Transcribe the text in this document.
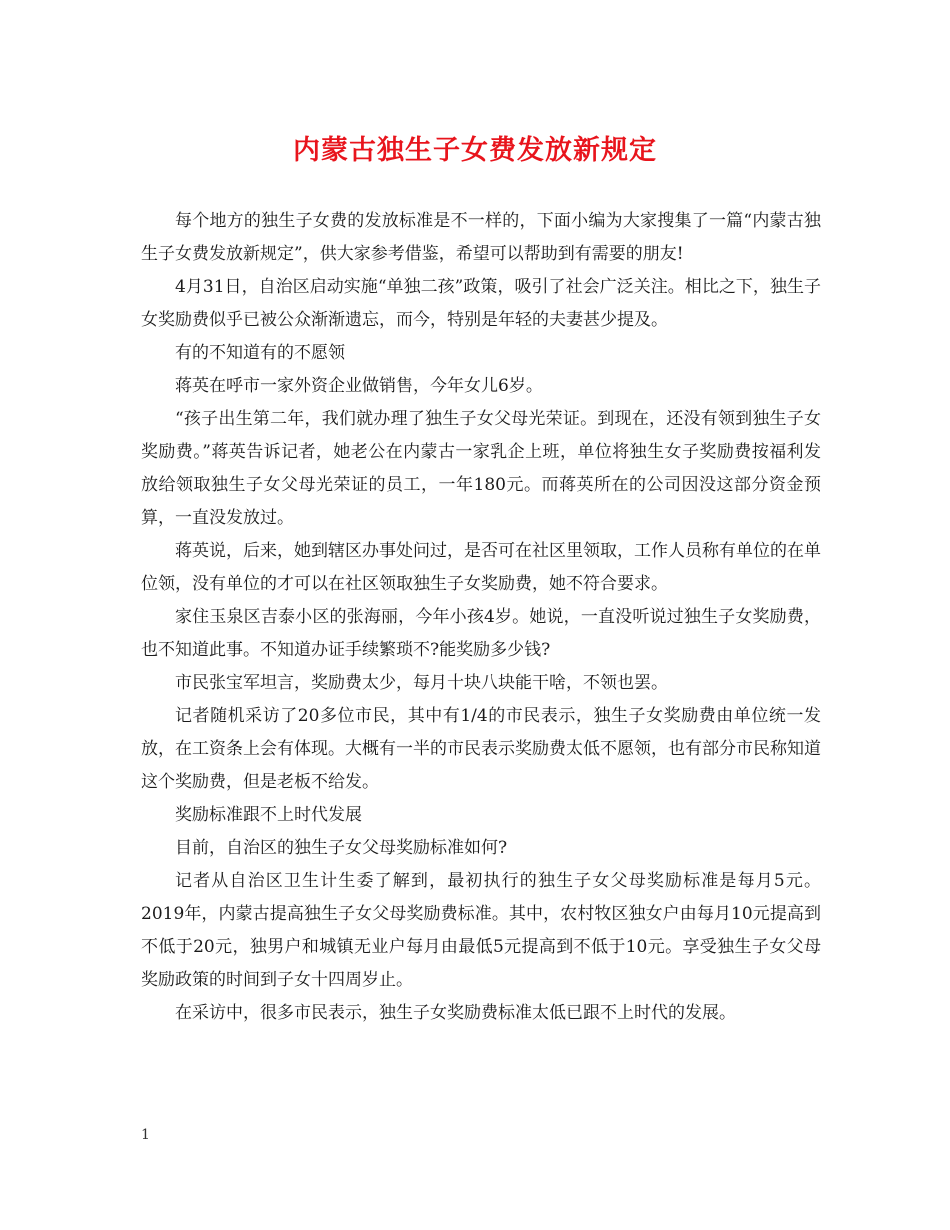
内蒙古独生子女费发放新规定

每个地方的独生子女费的发放标准是不一样的，下面小编为大家搜集了一篇“内蒙古独生子女费发放新规定”，供大家参考借鉴，希望可以帮助到有需要的朋友!

4月31日，自治区启动实施“单独二孩”政策，吸引了社会广泛关注。相比之下，独生子女奖励费似乎已被公众渐渐遗忘，而今，特别是年轻的夫妻甚少提及。

有的不知道有的不愿领

蒋英在呼市一家外资企业做销售，今年女儿6岁。

“孩子出生第二年，我们就办理了独生子女父母光荣证。到现在，还没有领到独生子女奖励费。”蒋英告诉记者，她老公在内蒙古一家乳企上班，单位将独生女子奖励费按福利发放给领取独生子女父母光荣证的员工，一年180元。而蒋英所在的公司因没这部分资金预算，一直没发放过。

蒋英说，后来，她到辖区办事处问过，是否可在社区里领取，工作人员称有单位的在单位领，没有单位的才可以在社区领取独生子女奖励费，她不符合要求。

家住玉泉区吉泰小区的张海丽，今年小孩4岁。她说，一直没听说过独生子女奖励费，也不知道此事。不知道办证手续繁琐不?能奖励多少钱?

市民张宝军坦言，奖励费太少，每月十块八块能干啥，不领也罢。

记者随机采访了20多位市民，其中有1/4的市民表示，独生子女奖励费由单位统一发放，在工资条上会有体现。大概有一半的市民表示奖励费太低不愿领，也有部分市民称知道这个奖励费，但是老板不给发。

奖励标准跟不上时代发展

目前，自治区的独生子女父母奖励标准如何?

记者从自治区卫生计生委了解到，最初执行的独生子女父母奖励标准是每月5元。2019年，内蒙古提高独生子女父母奖励费标准。其中，农村牧区独女户由每月10元提高到不低于20元，独男户和城镇无业户每月由最低5元提高到不低于10元。享受独生子女父母奖励政策的时间到子女十四周岁止。

在采访中，很多市民表示，独生子女奖励费标准太低已跟不上时代的发展。

1
